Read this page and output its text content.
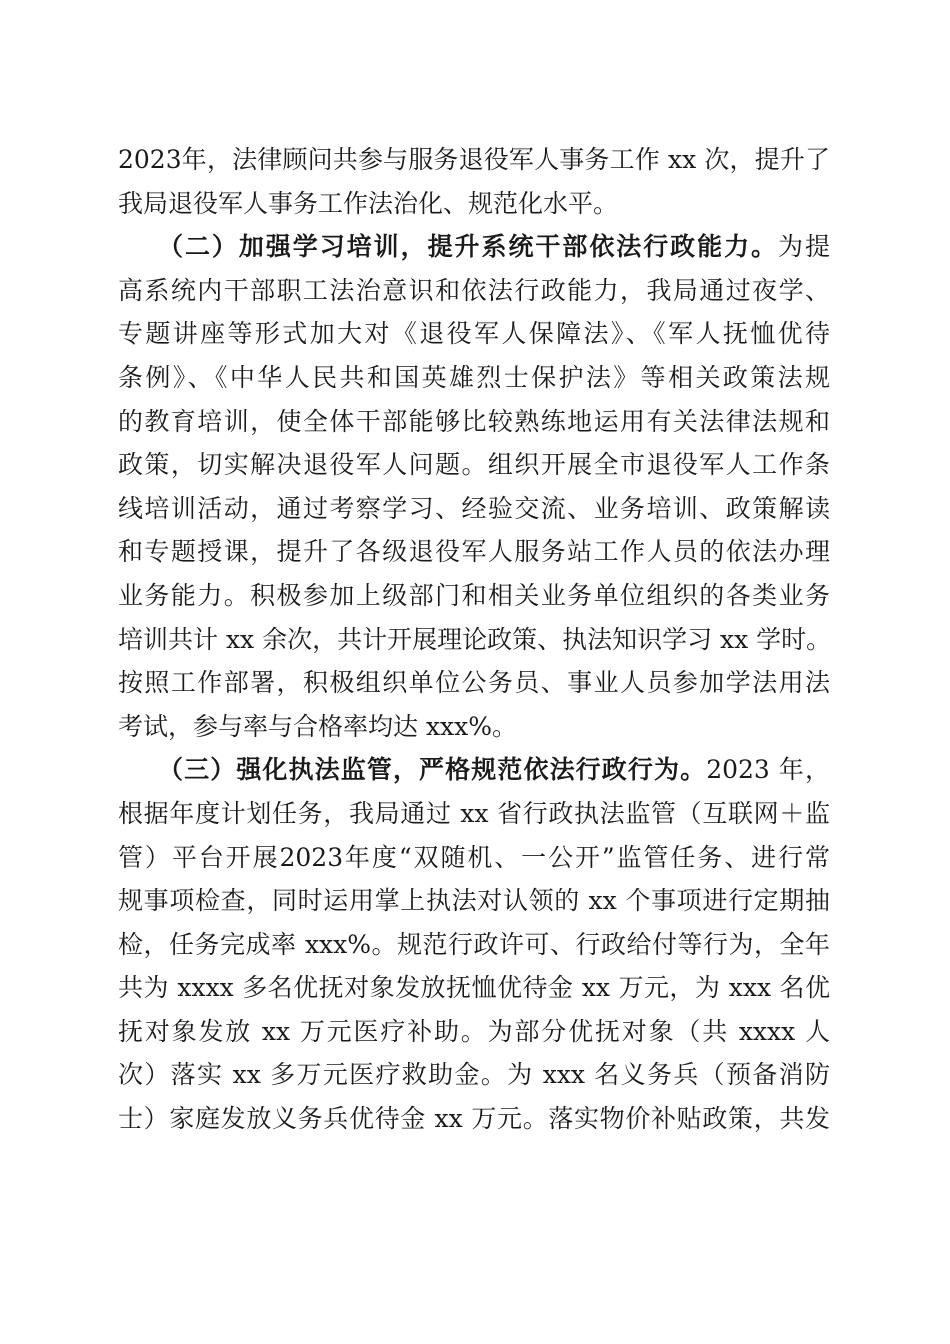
2023年，法律顾问共参与服务退役军人事务工作 xx 次，提升了
我局退役军人事务工作法治化、规范化水平。
（二）加强学习培训，提升系统干部依法行政能力。为提
高系统内干部职工法治意识和依法行政能力，我局通过夜学、
专题讲座等形式加大对《退役军人保障法》、《军人抚恤优待
条例》、《中华人民共和国英雄烈士保护法》等相关政策法规
的教育培训，使全体干部能够比较熟练地运用有关法律法规和
政策，切实解决退役军人问题。组织开展全市退役军人工作条
线培训活动，通过考察学习、经验交流、业务培训、政策解读
和专题授课，提升了各级退役军人服务站工作人员的依法办理
业务能力。积极参加上级部门和相关业务单位组织的各类业务
培训共计 xx 余次，共计开展理论政策、执法知识学习 xx 学时。
按照工作部署，积极组织单位公务员、事业人员参加学法用法
考试，参与率与合格率均达 xxx%。
（三）强化执法监管，严格规范依法行政行为。2023 年，
根据年度计划任务，我局通过 xx 省行政执法监管（互联网＋监
管）平台开展2023年度“双随机、一公开”监管任务、进行常
规事项检查，同时运用掌上执法对认领的 xx 个事项进行定期抽
检，任务完成率 xxx%。规范行政许可、行政给付等行为，全年
共为 xxxx 多名优抚对象发放抚恤优待金 xx 万元，为 xxx 名优
抚对象发放 xx 万元医疗补助。为部分优抚对象（共 xxxx 人
次）落实 xx 多万元医疗救助金。为 xxx 名义务兵（预备消防
士）家庭发放义务兵优待金 xx 万元。落实物价补贴政策，共发
